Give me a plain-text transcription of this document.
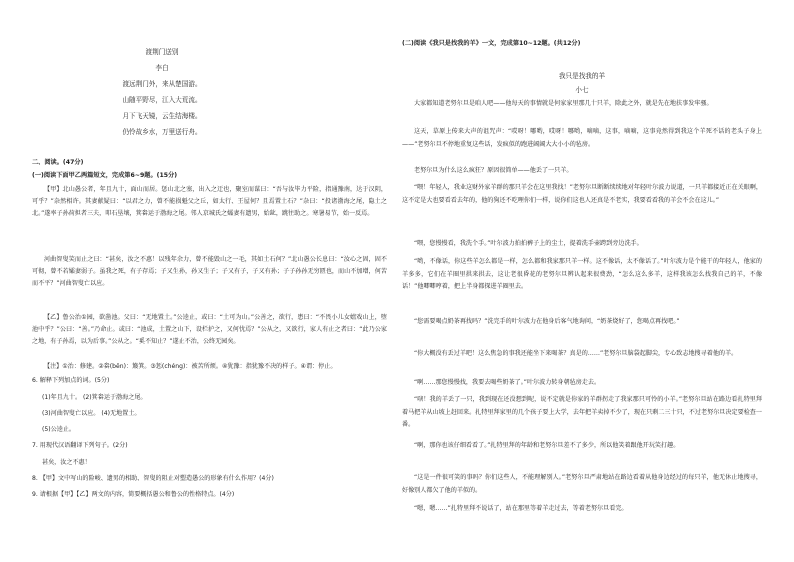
渡荆门送别
李白
渡远荆门外，来从楚国游。
山随平野尽，江入大荒流。
月下飞天镜，云生结海楼。
仍怜故乡水，万里送行舟。
二、阅读。(47分)
(一)阅读下面甲乙两篇短文，完成第6~9题。(15分)

【甲】北山愚公者，年且九十，面山而居。惩山北之塞，出入之迂也，聚室而谋曰：“吾与汝毕力平险，指通豫南，达于汉阴，可乎？”杂然相许。其妻献疑曰：“以君之力，曾不能损魁父之丘，如太行、王屋何？且焉置土石？”杂曰：“投诸渤海之尾，隐土之北。”遂率子孙荷担者三夫，叩石垦壤，箕畚运于渤海之尾。邻人京城氏之孀妻有遗男，始龀，跳往助之。寒暑易节，始一反焉。

河曲智叟笑而止之曰：“甚矣，汝之不惠！以残年余力，曾不能毁山之一毛，其如土石何？”北山愚公长息曰：“汝心之固，固不可彻，曾不若孀妻弱子。虽我之死，有子存焉；子又生孙，孙又生子；子又有子，子又有孙；子子孙孙无穷匮也，而山不加增，何苦而不平？”河曲智叟亡以应。

【乙】鲁公治①园，欲凿池。父曰：“无地置土。”公逵止，或曰：“土可为山。”公善之，欲行，患曰：“不畏小儿女嬉戏山上，堕池中乎？”公曰：“善。”乃命止。或曰：“池成，土置之山下，设栏护之，又何忧焉？”公从之，又欲行，家人有止之者曰：“此乃公家之地，有子孙焉，以为后事。”公从之。“奚不知止？”遂止不治，公终无园矣。

【注】①治：修建。②畚(běn)：簸箕。③惩(chéng)：被苦所烦。④犹豫：指犹豫不决的样子。④谓：停止。

6. 解释下列加点的词。(5分)
(1)年且九十。 (2)箕畚运于渤海之尾。
(3)河曲智叟亡以应。 (4)无地置土。
(5)公逵止。
7. 用现代汉语翻译下列句子。(2分)
甚矣，汝之不惠！
8. 【甲】文中写山的险峻、遗男的相助、智叟的阻止对塑造愚公的形象有什么作用？(4分)
9. 请根据【甲】【乙】两文的内容，简要概括愚公和鲁公的性格特点。(4分)
(二)阅读《我只是找我的羊》一文，完成第10~12题。(共12分)
我只是找我的羊
小七

大家都知道老努尔旦是咱人吧——他每天的事情就是何家家里那几十只羊，除此之外，就是先在地扶事发牢骚。

这天，草原上传来大声的诅咒声：“哎呀！哪哟，哎呀！哪哟，嘀嘀，这事，嘀嘀，这事竟然得到我这个羊死不话的老头子身上——”老努尔旦不停地重复这些话，发疯似的跑进阔阔大大小小的毡房。

老努尔旦为什么这么疯狂？原因很简单——他丢了一只羊。

“喂！年轻人，我业这财外家羊群的那只羊会在这里我找！”老努尔旦断断续续地对年轻叶尔波力说道，一只羊都接近正在关眼啊，这不定是大也要看看去年的，他的狗还不吃哩你们一样，说你们这也人还真是不老实，我要看看我的羊会不会在这儿。”

“喂，您慢慢看，我洗个手。”叶尔波力拍拍裤子上的尘土，提着洗手壶跨到旁边洗手。

“哟，不像话，你这些羊怎么都是一样，怎么都和我家那只羊一样。这不像话，太不像话了。”叶尔波力是个能干的年轻人，他家的羊多多，它们在羊圈里拱来拱去，这让老很昏花的老努尔旦辨认起来很费劲，“怎么这么多羊，这样我该怎么找我自己的羊，不像话！”他唧唧哼着，把上半身都探进羊圈里去。

“您需要喝点奶茶再找吗？”洗完手的叶尔波力在他身后客气地询问，“奶茶烧好了，您喝点再找吧。”

“你大概没有丢过羊吧！这么焦急的事我还能坐下来喝茶？真是的……”老努尔旦脑袋起脚尖，专心致志地搜寻着他的羊。

“啊……那您慢慢找，我要去喝些奶茶了。”叶尔波力转身朝毡房走去。

“嗐！我的羊丢了一只，我到现在还没想到呢，说不定就是你家的羊群拐走了我家那只可怜的小羊。”老努尔旦站在路边看扎特里拜着马把羊从山坡上赶回来。扎特里拜家里的几个孩子要上大学，去年把羊卖掉不少了，现在只剩二三十只，不过老努尔旦决定要检查一番。

“啊，那你也该仔细看看了。”扎特里拜的年龄和老努尔旦差不了多少，所以他笑着跟他开玩笑打趣。

“这是一件很可笑的事吗？你们这些人，不能理解别人。”老努尔旦严肃地站在路边看着从他身边经过的每只羊，他无休止地搜寻，好像别人都欠了他的羊似的。

“嗯，嗯……”扎特里拜不说话了，站在那里等着羊走过去，等着老努尔旦看完。
